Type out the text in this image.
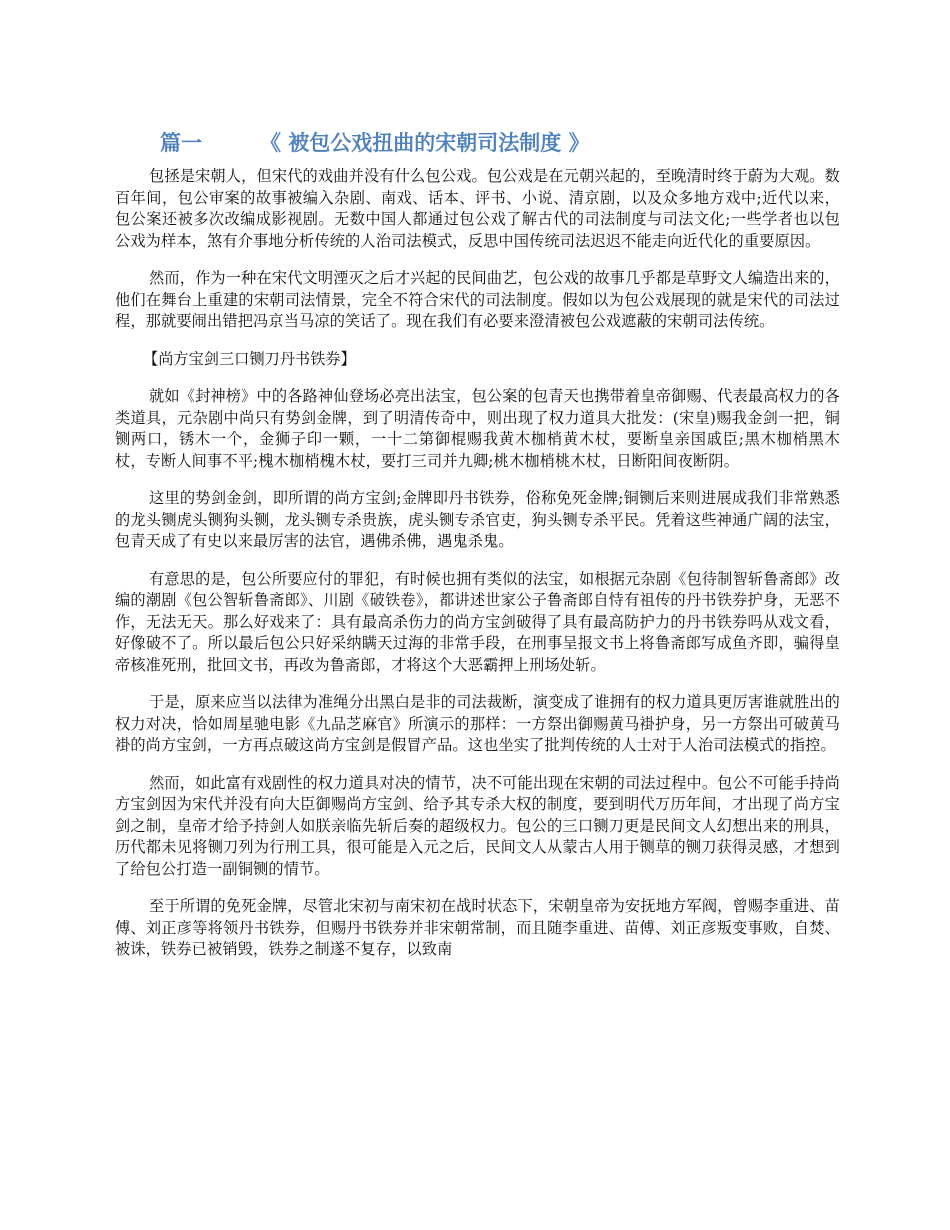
篇一	《 被包公戏扭曲的宋朝司法制度 》

包拯是宋朝人，但宋代的戏曲并没有什么包公戏。包公戏是在元朝兴起的，至晚清时终于蔚为大观。数百年间，包公审案的故事被编入杂剧、南戏、话本、评书、小说、清京剧，以及众多地方戏中;近代以来，包公案还被多次改编成影视剧。无数中国人都通过包公戏了解古代的司法制度与司法文化;一些学者也以包公戏为样本，煞有介事地分析传统的人治司法模式，反思中国传统司法迟迟不能走向近代化的重要原因。

然而，作为一种在宋代文明湮灭之后才兴起的民间曲艺，包公戏的故事几乎都是草野文人编造出来的，他们在舞台上重建的宋朝司法情景，完全不符合宋代的司法制度。假如以为包公戏展现的就是宋代的司法过程，那就要闹出错把冯京当马凉的笑话了。现在我们有必要来澄清被包公戏遮蔽的宋朝司法传统。

【尚方宝剑三口铡刀丹书铁券】

就如《封神榜》中的各路神仙登场必亮出法宝，包公案的包青天也携带着皇帝御赐、代表最高权力的各类道具，元杂剧中尚只有势剑金牌，到了明清传奇中，则出现了权力道具大批发：(宋皇)赐我金剑一把，铜铡两口，锈木一个，金狮子印一颗，一十二第御棍赐我黄木枷梢黄木杖，要断皇亲国戚臣;黑木枷梢黑木杖，专断人间事不平;槐木枷梢槐木杖，要打三司并九卿;桃木枷梢桃木杖，日断阳间夜断阴。

这里的势剑金剑，即所谓的尚方宝剑;金牌即丹书铁券，俗称免死金牌;铜铡后来则进展成我们非常熟悉的龙头铡虎头铡狗头铡，龙头铡专杀贵族，虎头铡专杀官吏，狗头铡专杀平民。凭着这些神通广阔的法宝，包青天成了有史以来最厉害的法官，遇佛杀佛，遇鬼杀鬼。

有意思的是，包公所要应付的罪犯，有时候也拥有类似的法宝，如根据元杂剧《包待制智斩鲁斋郎》改编的潮剧《包公智斩鲁斋郎》、川剧《破铁卷》，都讲述世家公子鲁斋郎自恃有祖传的丹书铁券护身，无恶不作，无法无天。那么好戏来了：具有最高杀伤力的尚方宝剑破得了具有最高防护力的丹书铁券吗从戏文看，好像破不了。所以最后包公只好采纳瞒天过海的非常手段，在刑事呈报文书上将鲁斋郎写成鱼齐即，骗得皇帝核准死刑，批回文书，再改为鲁斋郎，才将这个大恶霸押上刑场处斩。

于是，原来应当以法律为准绳分出黑白是非的司法裁断，演变成了谁拥有的权力道具更厉害谁就胜出的权力对决，恰如周星驰电影《九品芝麻官》所演示的那样：一方祭出御赐黄马褂护身，另一方祭出可破黄马褂的尚方宝剑，一方再点破这尚方宝剑是假冒产品。这也坐实了批判传统的人士对于人治司法模式的指控。

然而，如此富有戏剧性的权力道具对决的情节，决不可能出现在宋朝的司法过程中。包公不可能手持尚方宝剑因为宋代并没有向大臣御赐尚方宝剑、给予其专杀大权的制度，要到明代万历年间，才出现了尚方宝剑之制，皇帝才给予持剑人如朕亲临先斩后奏的超级权力。包公的三口铡刀更是民间文人幻想出来的刑具，历代都未见将铡刀列为行刑工具，很可能是入元之后，民间文人从蒙古人用于铡草的铡刀获得灵感，才想到了给包公打造一副铜铡的情节。

至于所谓的免死金牌，尽管北宋初与南宋初在战时状态下，宋朝皇帝为安抚地方军阀，曾赐李重进、苗傅、刘正彦等将领丹书铁券，但赐丹书铁券并非宋朝常制，而且随李重进、苗傅、刘正彦叛变事败，自焚、被诛，铁券已被销毁，铁券之制遂不复存，以致南
